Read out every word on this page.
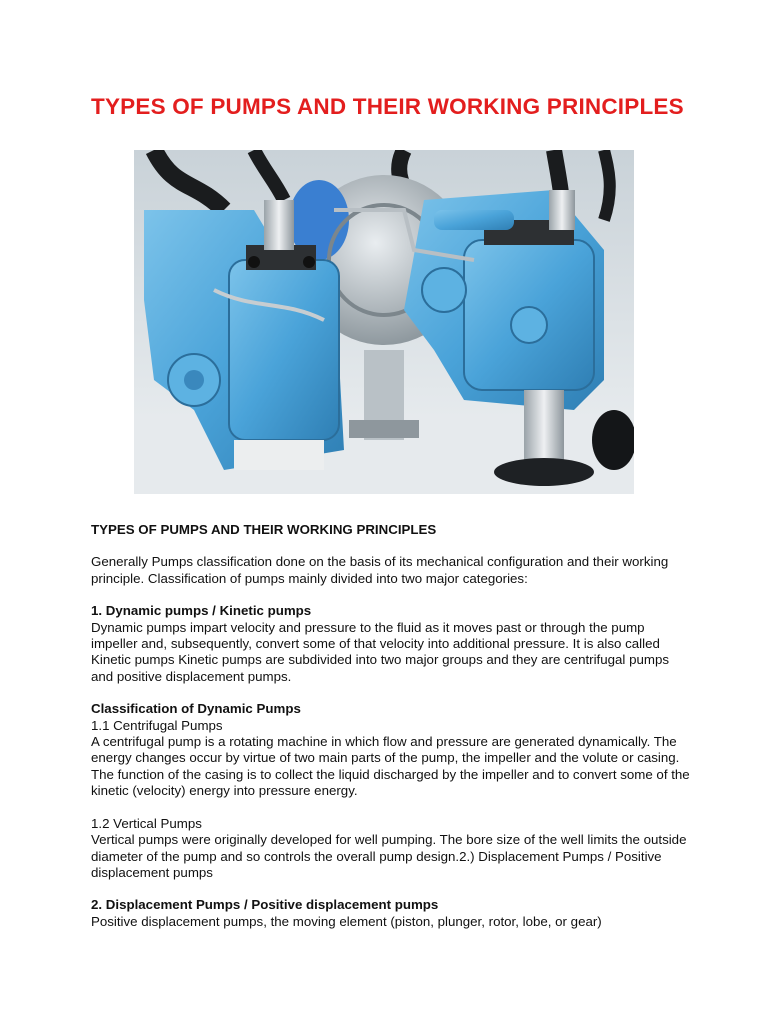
TYPES OF PUMPS AND THEIR WORKING PRINCIPLES

TYPES OF PUMPS AND THEIR WORKING PRINCIPLES

Generally Pumps classification done on the basis of its mechanical configuration and their working principle. Classification of pumps mainly divided into two major categories:

1. Dynamic pumps / Kinetic pumps

Dynamic pumps impart velocity and pressure to the fluid as it moves past or through the pump impeller and, subsequently, convert some of that velocity into additional pressure. It is also called Kinetic pumps Kinetic pumps are subdivided into two major groups and they are centrifugal pumps and positive displacement pumps.

Classification of Dynamic Pumps

1.1 Centrifugal Pumps

A centrifugal pump is a rotating machine in which flow and pressure are generated dynamically. The energy changes occur by virtue of two main parts of the pump, the impeller and the volute or casing. The function of the casing is to collect the liquid discharged by the impeller and to convert some of the kinetic (velocity) energy into pressure energy.

1.2 Vertical Pumps

Vertical pumps were originally developed for well pumping. The bore size of the well limits the outside diameter of the pump and so controls the overall pump design.2.) Displacement Pumps / Positive displacement pumps

2. Displacement Pumps / Positive displacement pumps

Positive displacement pumps, the moving element (piston, plunger, rotor, lobe, or gear)
